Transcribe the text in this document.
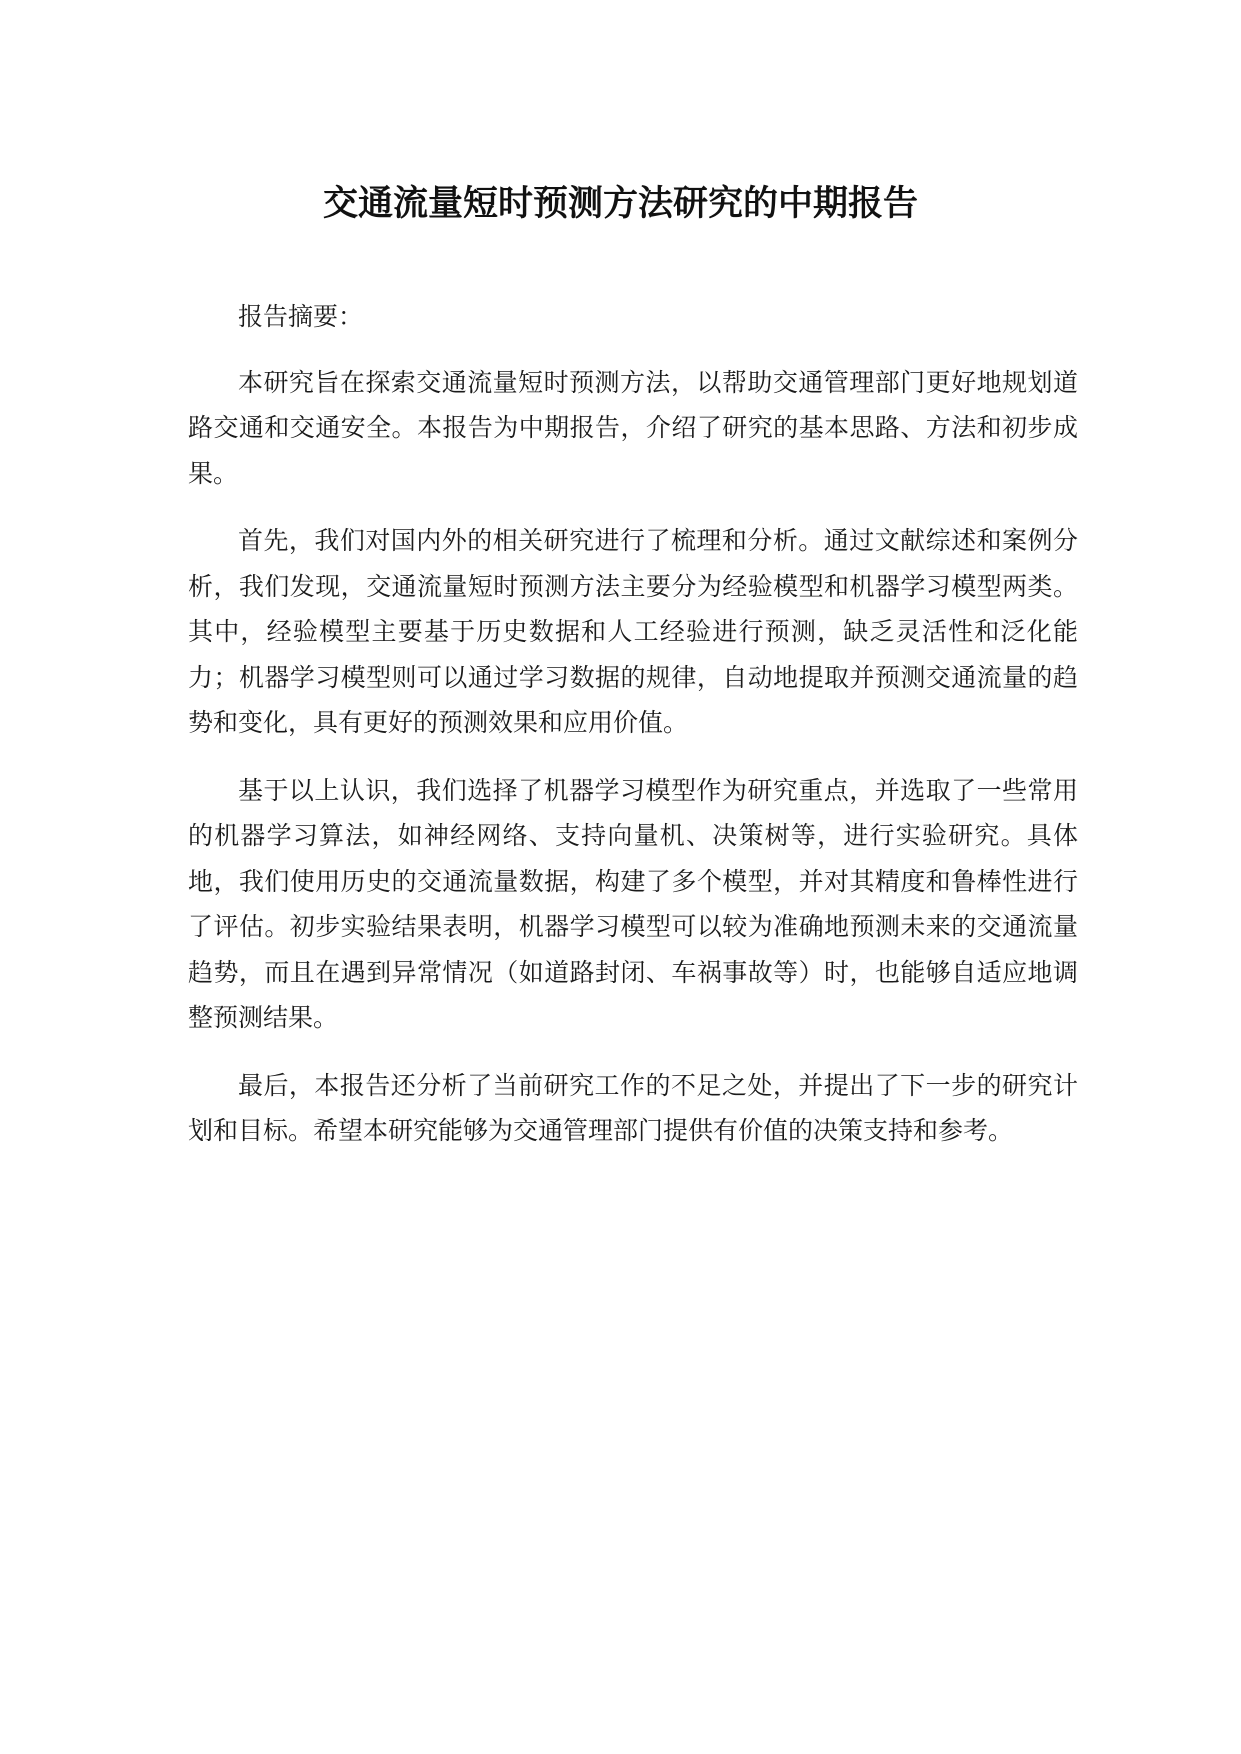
交通流量短时预测方法研究的中期报告

报告摘要：

本研究旨在探索交通流量短时预测方法，以帮助交通管理部门更好地规划道路交通和交通安全。本报告为中期报告，介绍了研究的基本思路、方法和初步成果。

首先，我们对国内外的相关研究进行了梳理和分析。通过文献综述和案例分析，我们发现，交通流量短时预测方法主要分为经验模型和机器学习模型两类。其中，经验模型主要基于历史数据和人工经验进行预测，缺乏灵活性和泛化能力；机器学习模型则可以通过学习数据的规律，自动地提取并预测交通流量的趋势和变化，具有更好的预测效果和应用价值。

基于以上认识，我们选择了机器学习模型作为研究重点，并选取了一些常用的机器学习算法，如神经网络、支持向量机、决策树等，进行实验研究。具体地，我们使用历史的交通流量数据，构建了多个模型，并对其精度和鲁棒性进行了评估。初步实验结果表明，机器学习模型可以较为准确地预测未来的交通流量趋势，而且在遇到异常情况（如道路封闭、车祸事故等）时，也能够自适应地调整预测结果。

最后，本报告还分析了当前研究工作的不足之处，并提出了下一步的研究计划和目标。希望本研究能够为交通管理部门提供有价值的决策支持和参考。
